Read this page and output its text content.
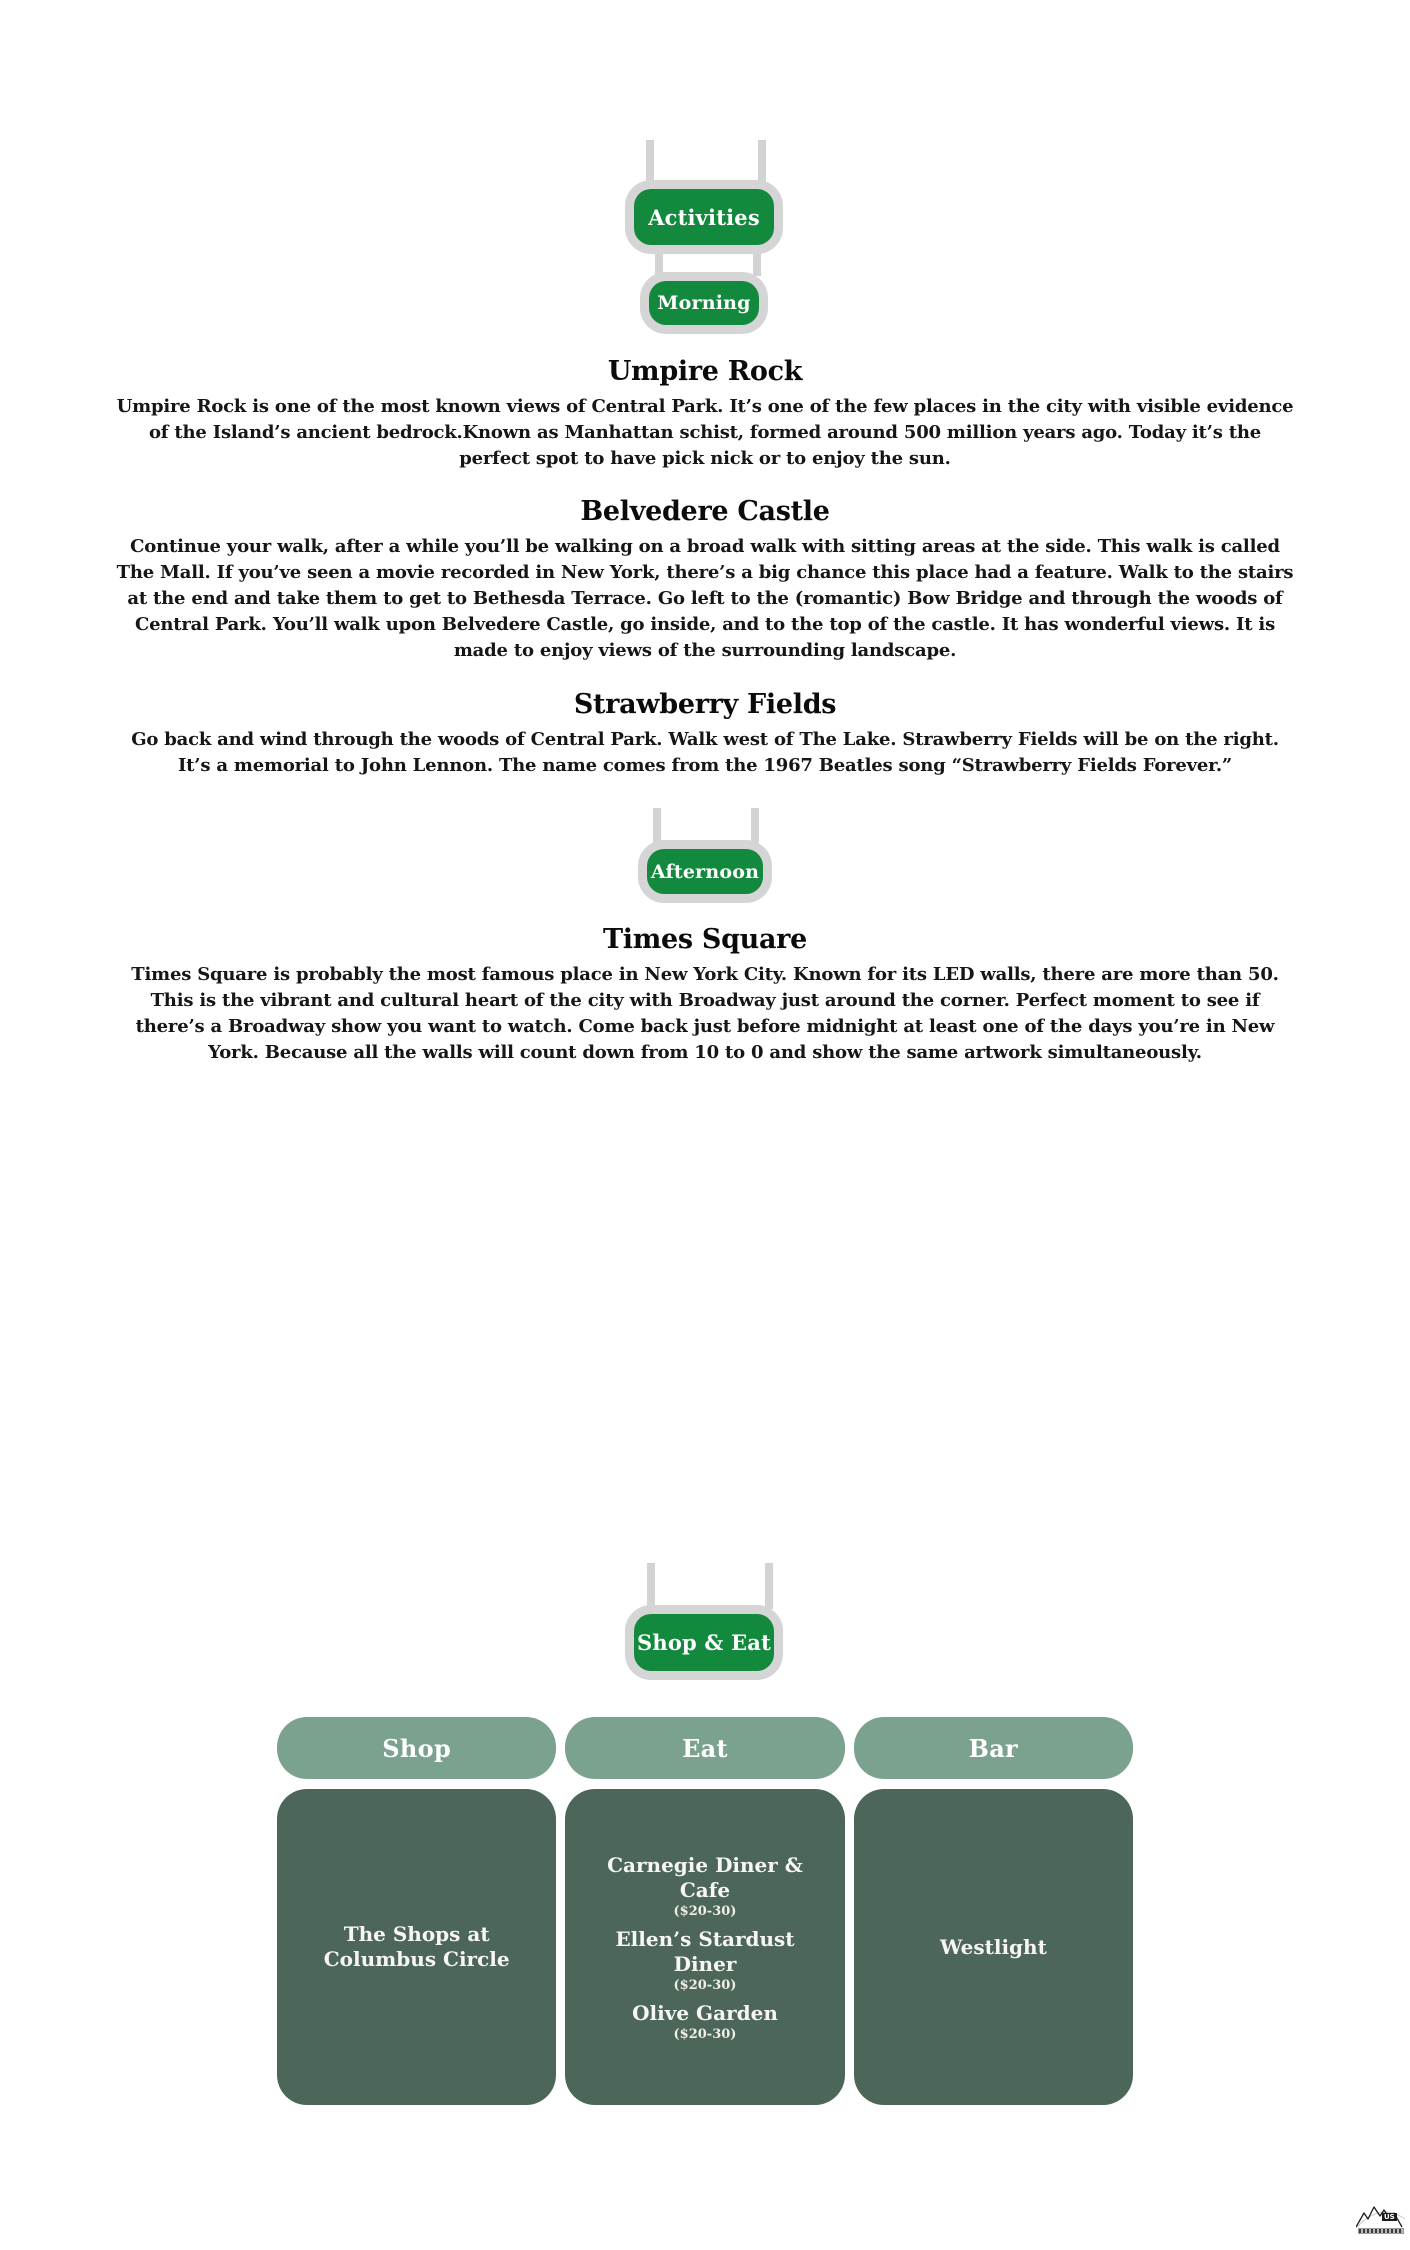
Activities
Morning
Afternoon
Shop & Eat
Umpire Rock

Umpire Rock is one of the most known views of Central Park. It’s one of the few places in the city with visible evidence of the Island’s ancient bedrock.Known as Manhattan schist, formed around 500 million years ago. Today it’s the perfect spot to have pick nick or to enjoy the sun.

Belvedere Castle

Continue your walk, after a while you’ll be walking on a broad walk with sitting areas at the side. This walk is called The Mall. If you’ve seen a movie recorded in New York, there’s a big chance this place had a feature. Walk to the stairs at the end and take them to get to Bethesda Terrace. Go left to the (romantic) Bow Bridge and through the woods of Central Park. You’ll walk upon Belvedere Castle, go inside, and to the top of the castle. It has wonderful views. It is made to enjoy views of the surrounding landscape.

Strawberry Fields

Go back and wind through the woods of Central Park. Walk west of The Lake. Strawberry Fields will be on the right. It’s a memorial to John Lennon. The name comes from the 1967 Beatles song “Strawberry Fields Forever.”

Times Square

Times Square is probably the most famous place in New York City. Known for its LED walls, there are more than 50. This is the vibrant and cultural heart of the city with Broadway just around the corner. Perfect moment to see if there’s a Broadway show you want to watch. Come back just before midnight at least one of the days you’re in New York. Because all the walls will count down from 10 to 0 and show the same artwork simultaneously.

Shop
The Shops at Columbus Circle
Eat
Carnegie Diner & Cafe
($20-30)
Ellen’s Stardust Diner
($20-30)
Olive Garden
($20-30)
Bar
Westlight
US
